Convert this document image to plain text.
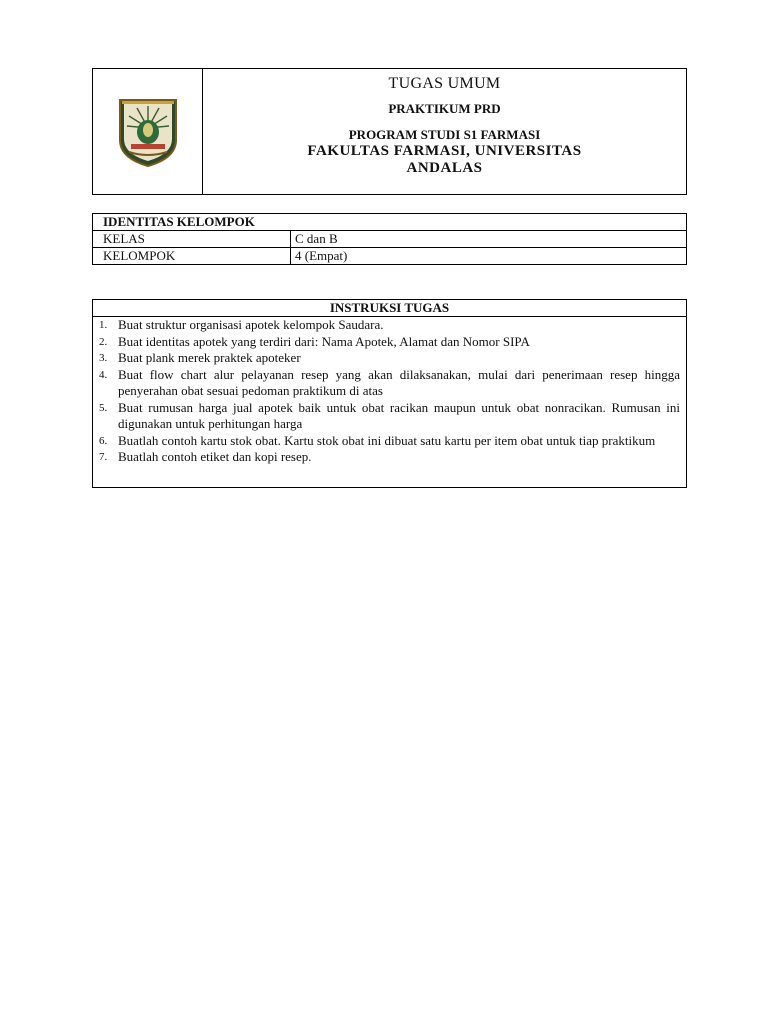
TUGAS UMUM
PRAKTIKUM PRD
PROGRAM STUDI S1 FARMASI
FAKULTAS FARMASI, UNIVERSITAS
ANDALAS
IDENTITAS KELOMPOK
KELAS	C dan B
KELOMPOK	4 (Empat)
INSTRUKSI TUGAS
1. Buat struktur organisasi apotek kelompok Saudara.
2. Buat identitas apotek yang terdiri dari: Nama Apotek, Alamat dan Nomor SIPA
3. Buat plank merek praktek apoteker
4. Buat flow chart alur pelayanan resep yang akan dilaksanakan, mulai dari penerimaan resep hingga penyerahan obat sesuai pedoman praktikum di atas
5. Buat rumusan harga jual apotek baik untuk obat racikan maupun untuk obat nonracikan. Rumusan ini digunakan untuk perhitungan harga
6. Buatlah contoh kartu stok obat. Kartu stok obat ini dibuat satu kartu per item obat untuk tiap praktikum
7. Buatlah contoh etiket dan kopi resep.
